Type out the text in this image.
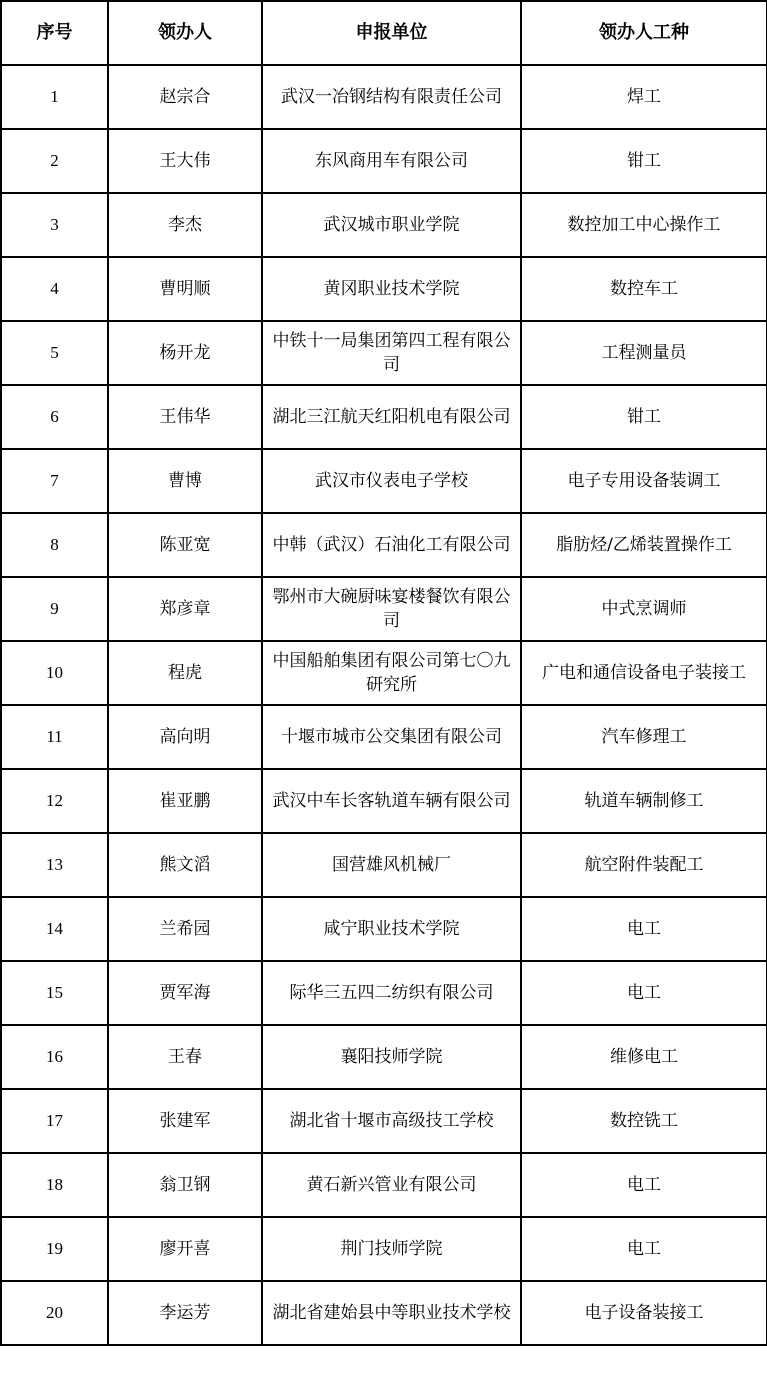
序号	领办人	申报单位	领办人工种
1	赵宗合	武汉一冶钢结构有限责任公司	焊工
2	王大伟	东风商用车有限公司	钳工
3	李杰	武汉城市职业学院	数控加工中心操作工
4	曹明顺	黄冈职业技术学院	数控车工
5	杨开龙	中铁十一局集团第四工程有限公司	工程测量员
6	王伟华	湖北三江航天红阳机电有限公司	钳工
7	曹博	武汉市仪表电子学校	电子专用设备装调工
8	陈亚宽	中韩（武汉）石油化工有限公司	脂肪烃/乙烯装置操作工
9	郑彦章	鄂州市大碗厨味宴楼餐饮有限公司	中式烹调师
10	程虎	中国船舶集团有限公司第七〇九研究所	广电和通信设备电子装接工
11	高向明	十堰市城市公交集团有限公司	汽车修理工
12	崔亚鹏	武汉中车长客轨道车辆有限公司	轨道车辆制修工
13	熊文滔	国营雄风机械厂	航空附件装配工
14	兰希园	咸宁职业技术学院	电工
15	贾军海	际华三五四二纺织有限公司	电工
16	王春	襄阳技师学院	维修电工
17	张建军	湖北省十堰市高级技工学校	数控铣工
18	翁卫钢	黄石新兴管业有限公司	电工
19	廖开喜	荆门技师学院	电工
20	李运芳	湖北省建始县中等职业技术学校	电子设备装接工
